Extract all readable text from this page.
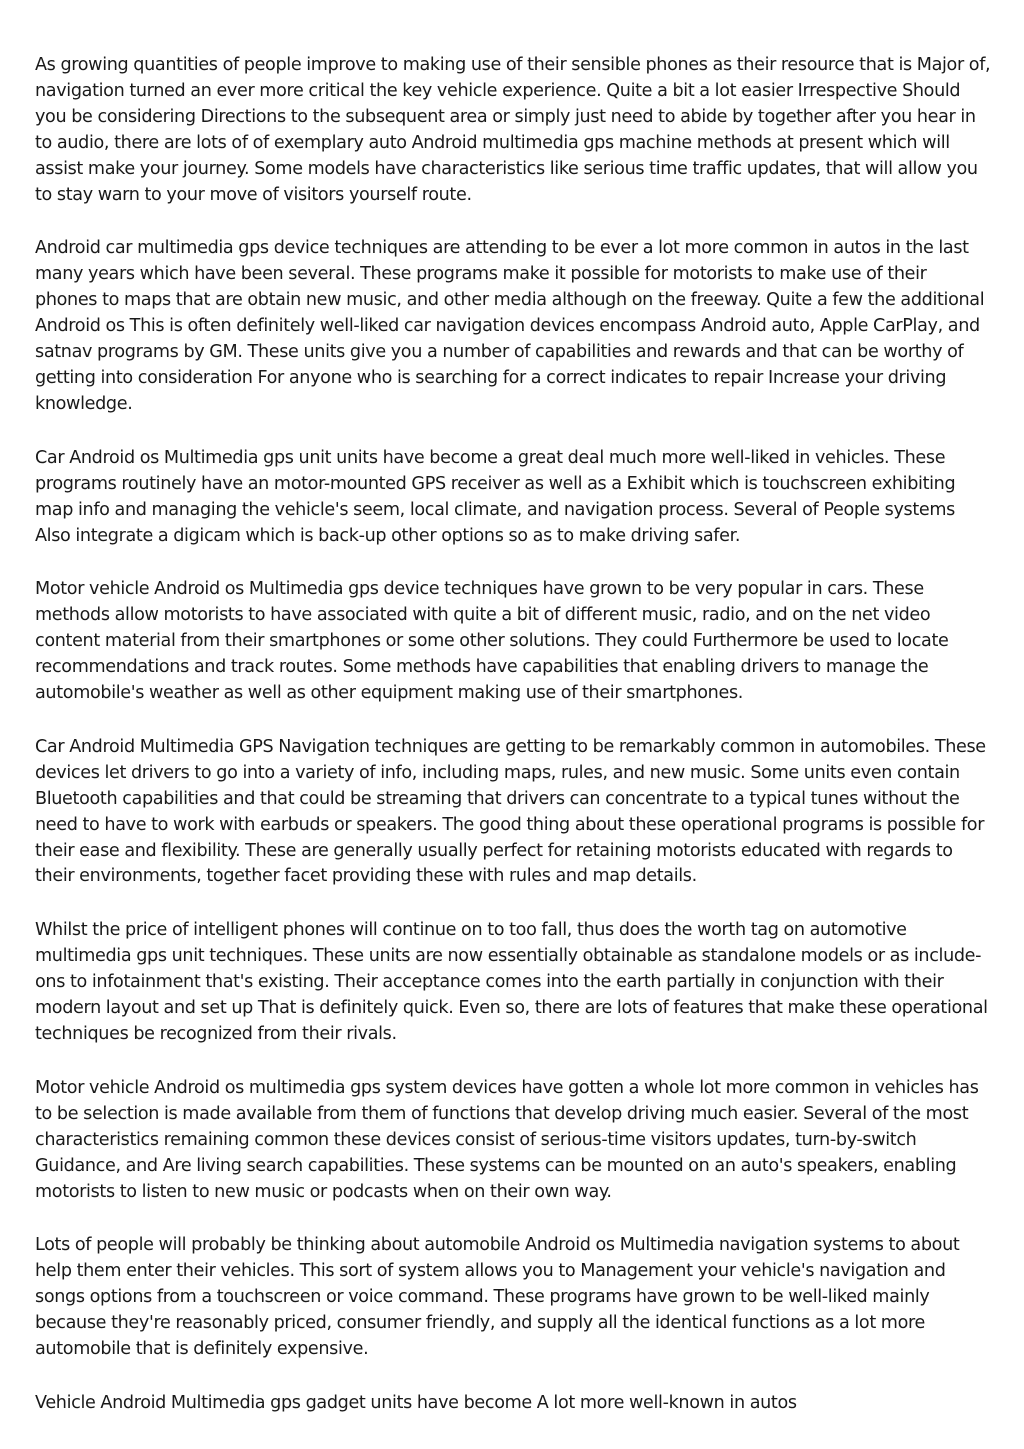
As growing quantities of people improve to making use of their sensible phones as their resource that is Major of, navigation turned an ever more critical the key vehicle experience. Quite a bit a lot easier Irrespective Should you be considering Directions to the subsequent area or simply just need to abide by together after you hear in to audio, there are lots of of exemplary auto Android multimedia gps machine methods at present which will assist make your journey. Some models have characteristics like serious time traffic updates, that will allow you to stay warn to your move of visitors yourself route.

Android car multimedia gps device techniques are attending to be ever a lot more common in autos in the last many years which have been several. These programs make it possible for motorists to make use of their phones to maps that are obtain new music, and other media although on the freeway. Quite a few the additional Android os This is often definitely well-liked car navigation devices encompass Android auto, Apple CarPlay, and satnav programs by GM. These units give you a number of capabilities and rewards and that can be worthy of getting into consideration For anyone who is searching for a correct indicates to repair Increase your driving knowledge.

Car Android os Multimedia gps unit units have become a great deal much more well-liked in vehicles. These programs routinely have an motor-mounted GPS receiver as well as a Exhibit which is touchscreen exhibiting map info and managing the vehicle's seem, local climate, and navigation process. Several of People systems Also integrate a digicam which is back-up other options so as to make driving safer.

Motor vehicle Android os Multimedia gps device techniques have grown to be very popular in cars. These methods allow motorists to have associated with quite a bit of different music, radio, and on the net video content material from their smartphones or some other solutions. They could Furthermore be used to locate recommendations and track routes. Some methods have capabilities that enabling drivers to manage the automobile's weather as well as other equipment making use of their smartphones.

Car Android Multimedia GPS Navigation techniques are getting to be remarkably common in automobiles. These devices let drivers to go into a variety of info, including maps, rules, and new music. Some units even contain Bluetooth capabilities and that could be streaming that drivers can concentrate to a typical tunes without the need to have to work with earbuds or speakers. The good thing about these operational programs is possible for their ease and flexibility. These are generally usually perfect for retaining motorists educated with regards to their environments, together facet providing these with rules and map details.

Whilst the price of intelligent phones will continue on to too fall, thus does the worth tag on automotive multimedia gps unit techniques. These units are now essentially obtainable as standalone models or as include-ons to infotainment that's existing. Their acceptance comes into the earth partially in conjunction with their modern layout and set up That is definitely quick. Even so, there are lots of features that make these operational techniques be recognized from their rivals.

Motor vehicle Android os multimedia gps system devices have gotten a whole lot more common in vehicles has to be selection is made available from them of functions that develop driving much easier. Several of the most characteristics remaining common these devices consist of serious-time visitors updates, turn-by-switch Guidance, and Are living search capabilities. These systems can be mounted on an auto's speakers, enabling motorists to listen to new music or podcasts when on their own way.

Lots of people will probably be thinking about automobile Android os Multimedia navigation systems to about help them enter their vehicles. This sort of system allows you to Management your vehicle's navigation and songs options from a touchscreen or voice command. These programs have grown to be well-liked mainly because they're reasonably priced, consumer friendly, and supply all the identical functions as a lot more automobile that is definitely expensive.

Vehicle Android Multimedia gps gadget units have become A lot more well-known in autos
